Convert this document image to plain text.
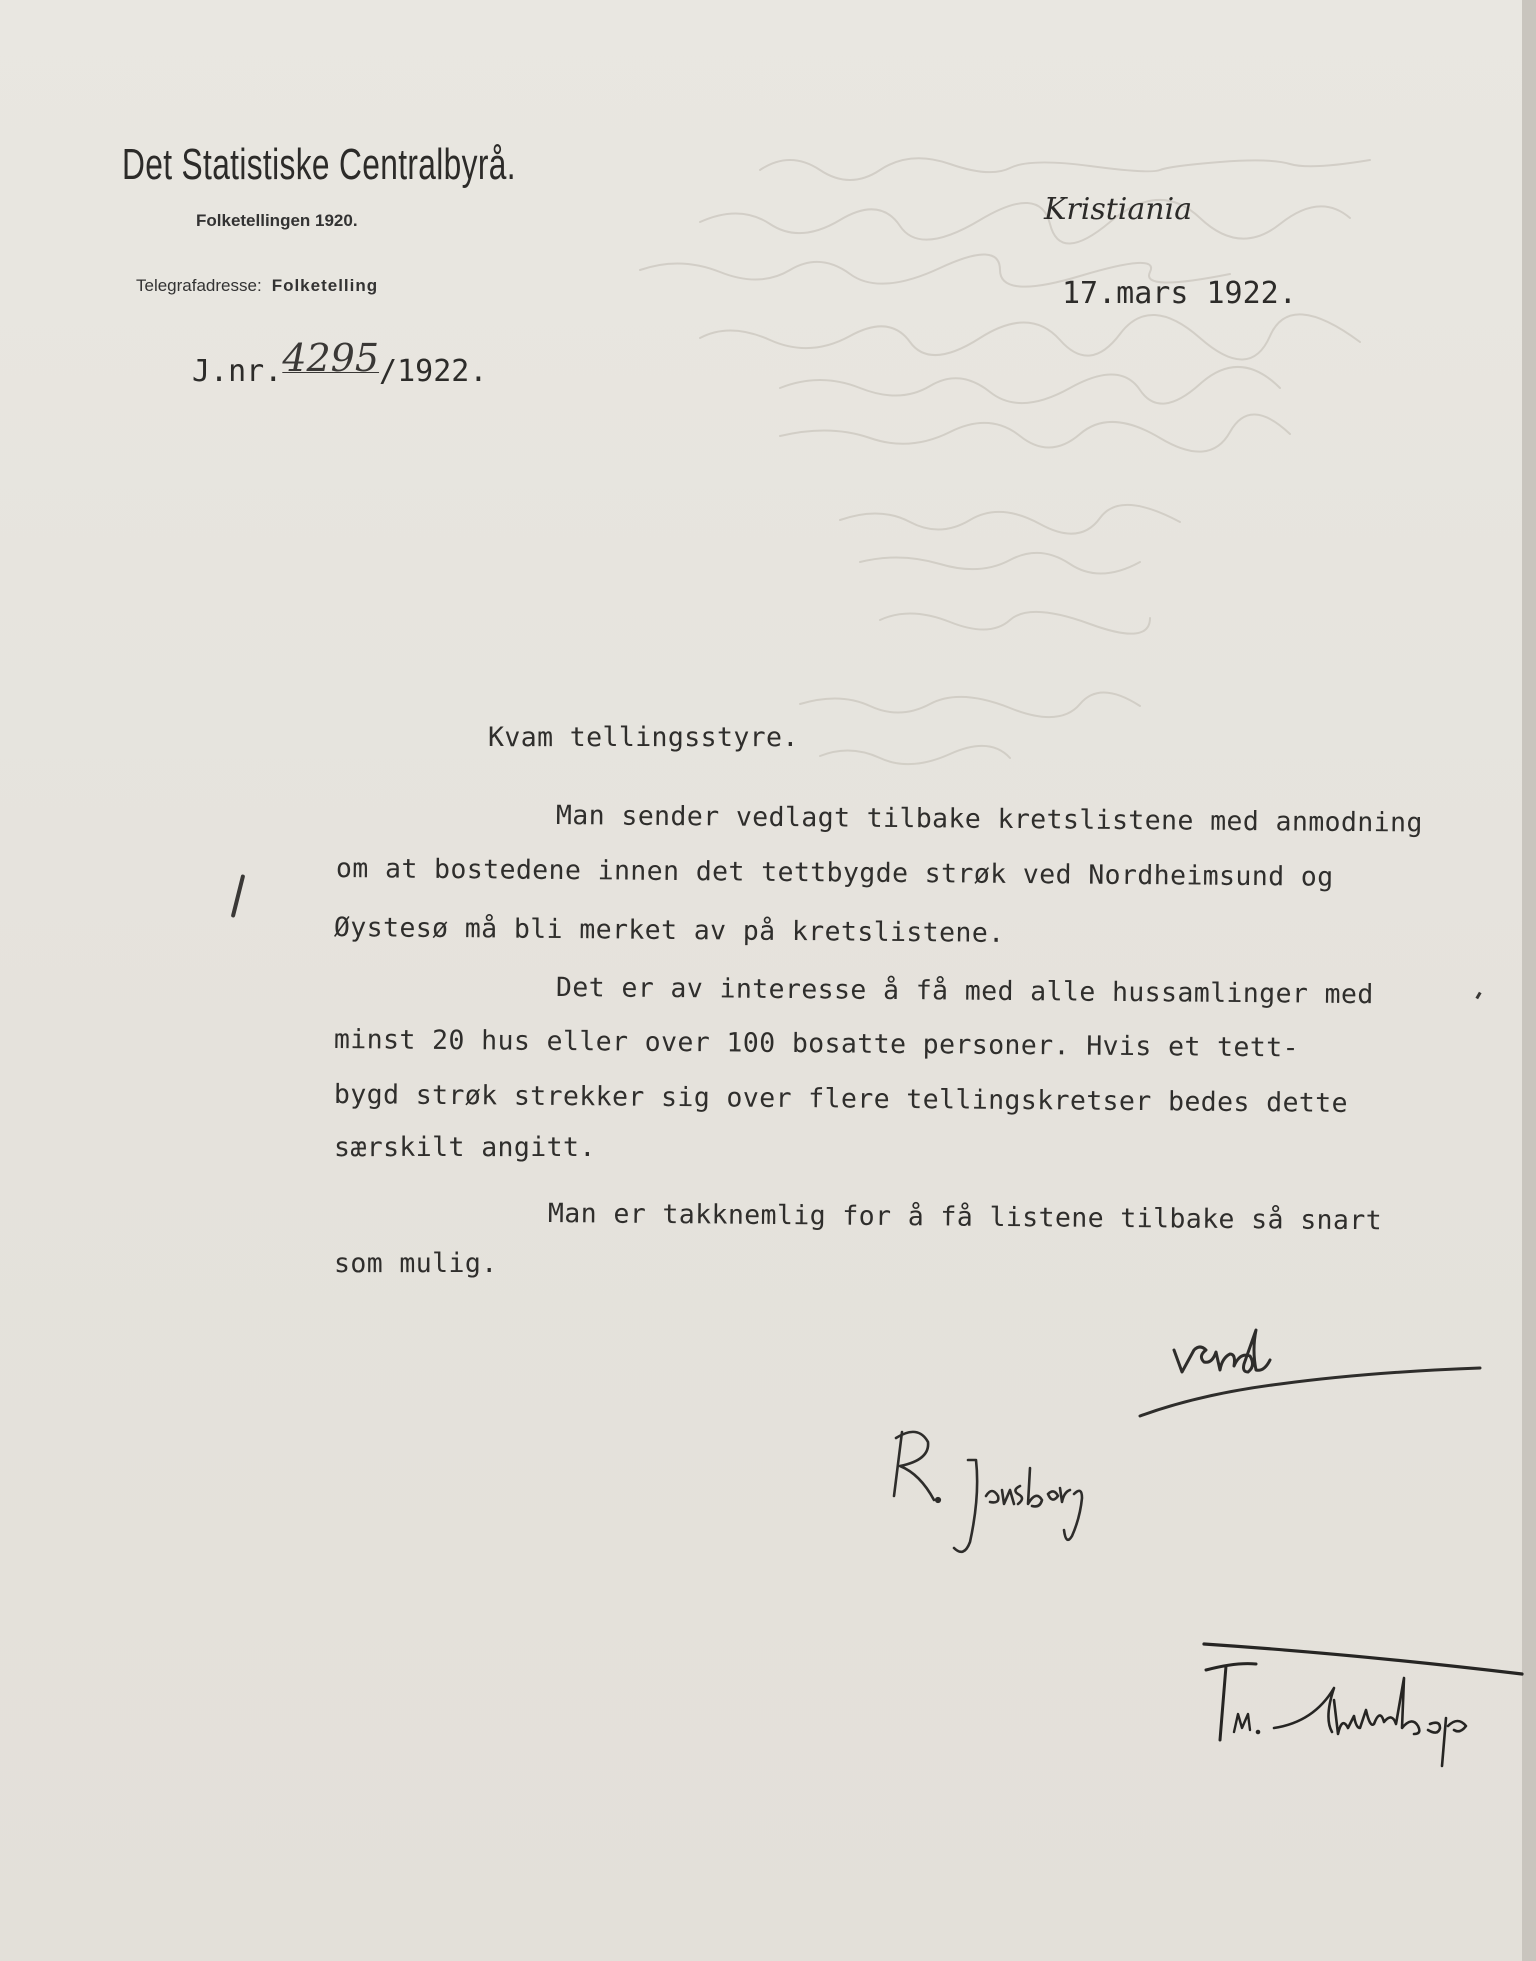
Det Statistiske Centralbyrå.
Folketellingen 1920.
Telegrafadresse: Folketelling
Kristiania
17.mars 1922.
J.nr.4295/1922.
Kvam tellingsstyre.
Man sender vedlagt tilbake kretslistene med anmodning
om at bostedene innen det tettbygde strøk ved Nordheimsund og
Øystesø må bli merket av på kretslistene.
Det er av interesse å få med alle hussamlinger med
minst 20 hus eller over 100 bosatte personer. Hvis et tett-
bygd strøk strekker sig over flere tellingskretser bedes dette
særskilt angitt.
Man er takknemlig for å få listene tilbake så snart
som mulig.
